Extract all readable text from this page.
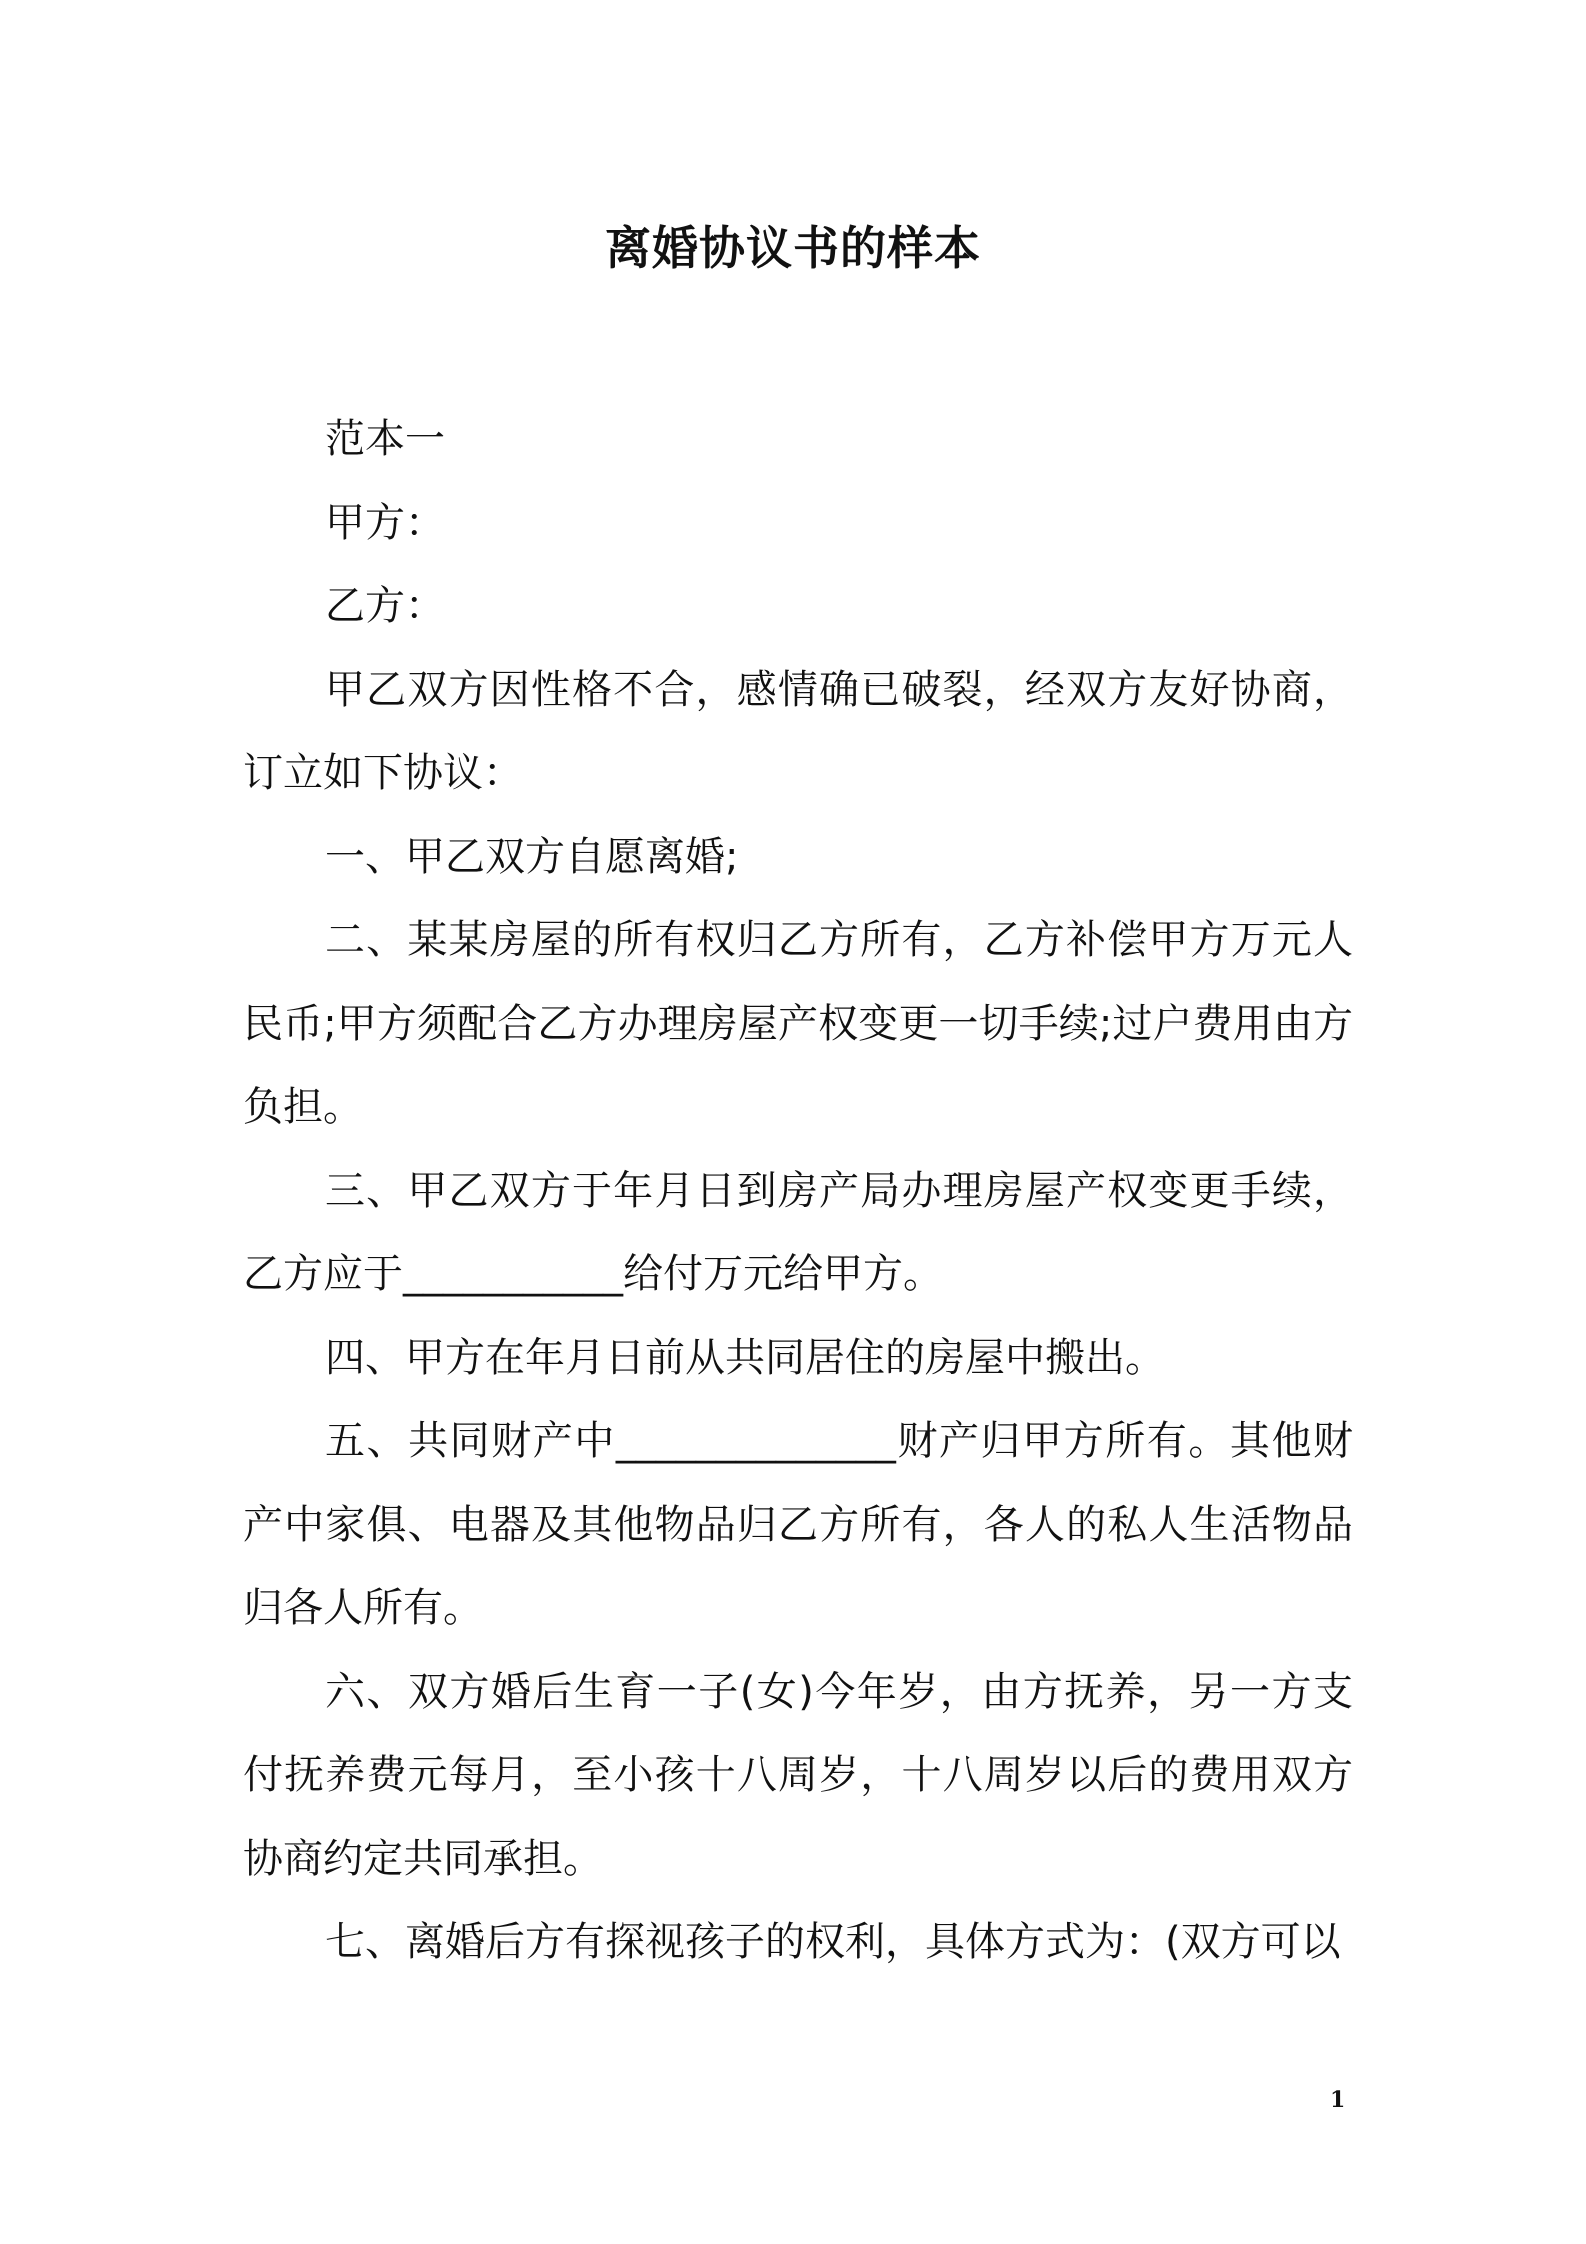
离婚协议书的样本

范本一

甲方：

乙方：

甲乙双方因性格不合，感情确已破裂，经双方友好协商，订立如下协议：

一、甲乙双方自愿离婚;

二、某某房屋的所有权归乙方所有，乙方补偿甲方万元人民币;甲方须配合乙方办理房屋产权变更一切手续;过户费用由方负担。

三、甲乙双方于年月日到房产局办理房屋产权变更手续，乙方应于___________给付万元给甲方。

四、甲方在年月日前从共同居住的房屋中搬出。

五、共同财产中______________财产归甲方所有。其他财产中家俱、电器及其他物品归乙方所有，各人的私人生活物品归各人所有。

六、双方婚后生育一子(女)今年岁，由方抚养，另一方支付抚养费元每月，至小孩十八周岁，十八周岁以后的费用双方协商约定共同承担。

七、离婚后方有探视孩子的权利，具体方式为：(双方可以

1
